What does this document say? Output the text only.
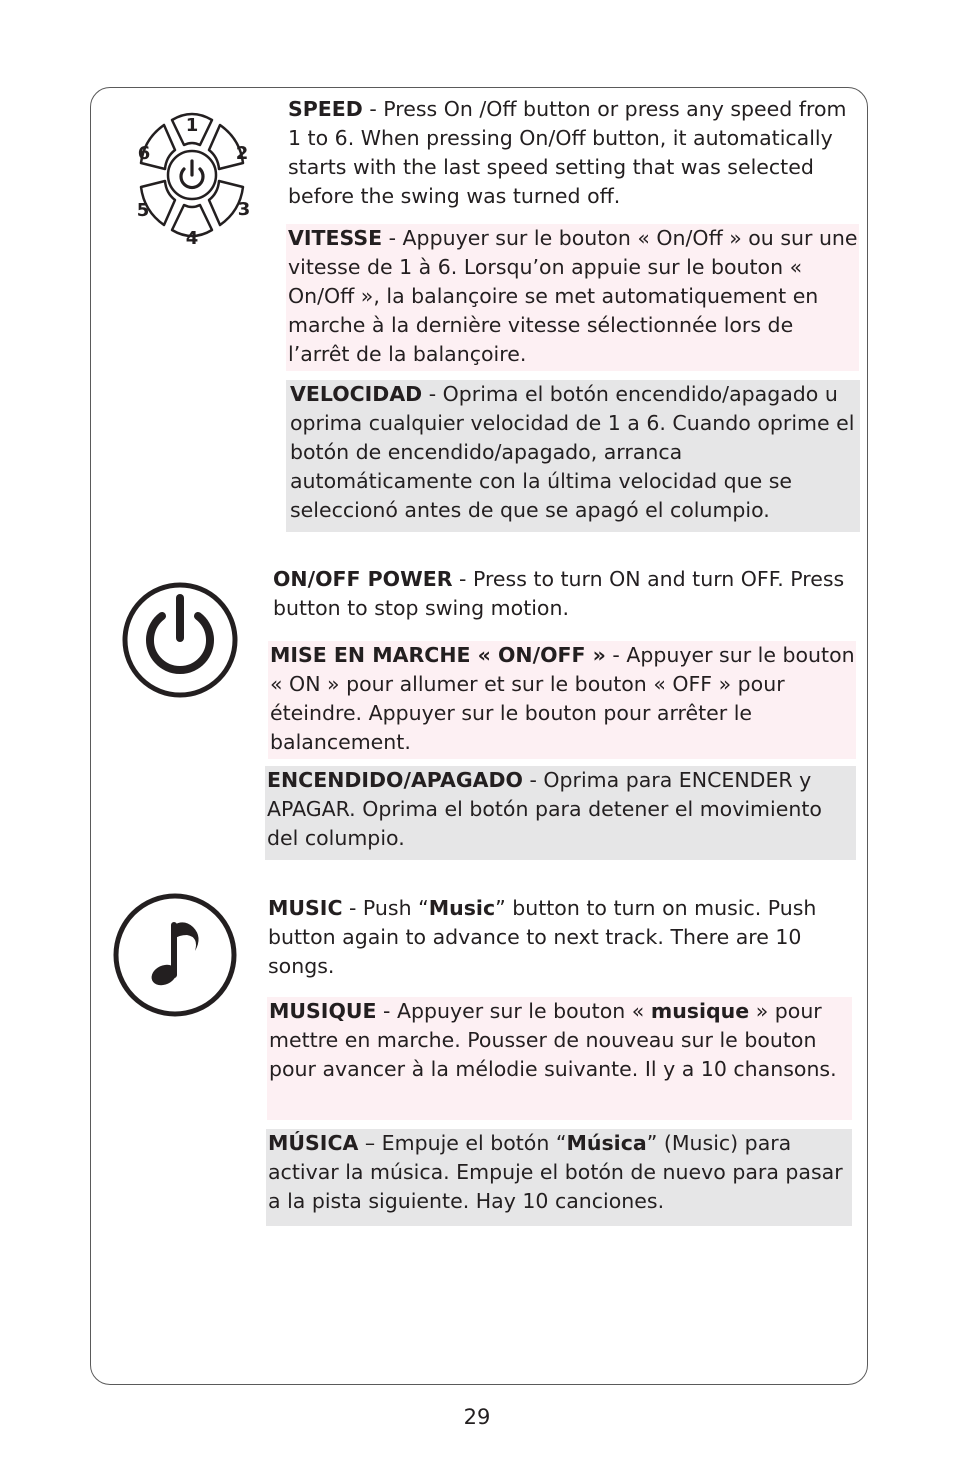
1
2
3
4
5
6
SPEED - Press On /Off button or press any speed from 1 to 6. When pressing On/Off button, it automatically starts with the last speed setting that was selected before the swing was turned off.
VITESSE - Appuyer sur le bouton « On/Off » ou sur une vitesse de 1 à 6. Lorsqu’on appuie sur le bouton « On/Off », la balançoire se met automatiquement en marche à la dernière vitesse sélectionnée lors de l’arrêt de la balançoire.
VELOCIDAD - Oprima el botón encendido/apagado u oprima cualquier velocidad de 1 a 6. Cuando oprime el botón de encendido/apagado, arranca automáticamente con la última velocidad que se seleccionó antes de que se apagó el columpio.
ON/OFF POWER - Press to turn ON and turn OFF. Press button to stop swing motion.
MISE EN MARCHE « ON/OFF » - Appuyer sur le bouton « ON » pour allumer et sur le bouton « OFF » pour éteindre. Appuyer sur le bouton pour arrêter le balancement.
ENCENDIDO/APAGADO - Oprima para ENCENDER y APAGAR. Oprima el botón para detener el movimiento del columpio.
MUSIC - Push “Music” button to turn on music. Push button again to advance to next track. There are 10 songs.
MUSIQUE - Appuyer sur le bouton « musique » pour mettre en marche. Pousser de nouveau sur le bouton pour avancer à la mélodie suivante. Il y a 10 chansons.
MÚSICA – Empuje el botón “Música” (Music) para activar la música. Empuje el botón de nuevo para pasar a la pista siguiente. Hay 10 canciones.
29
